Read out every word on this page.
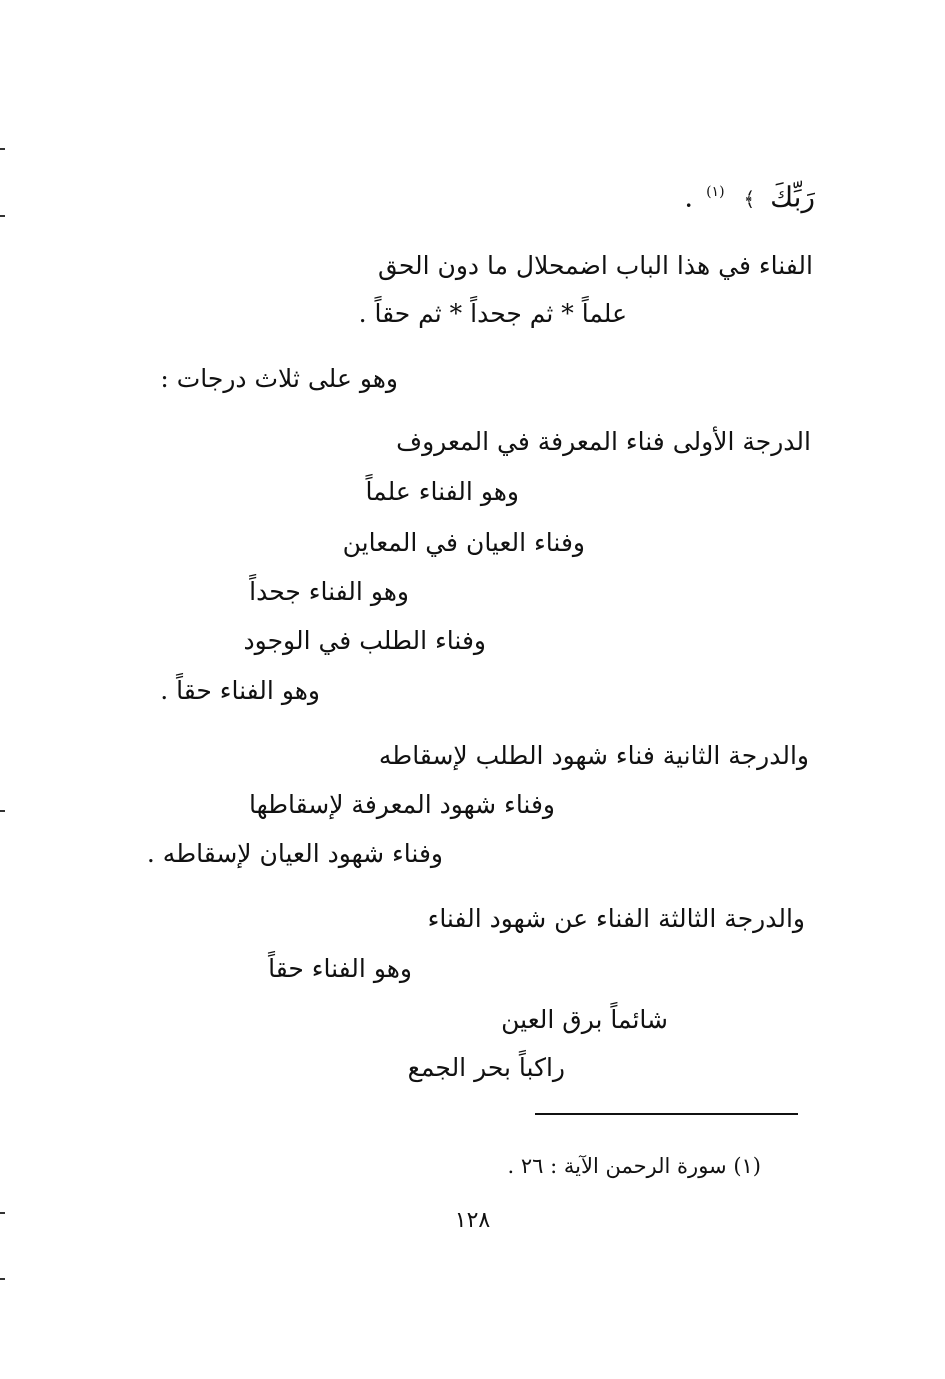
رَبِّكَ ﴾ $^{(١)}$ .
الفناء في هذا الباب اضمحلال ما دون الحق
علماً * ثم جحداً * ثم حقاً .
وهو على ثلاث درجات :
الدرجة الأولى فناء المعرفة في المعروف
وهو الفناء علماً
وفناء العيان في المعاين
وهو الفناء جحداً
وفناء الطلب في الوجود
وهو الفناء حقاً .
والدرجة الثانية فناء شهود الطلب لإسقاطه
وفناء شهود المعرفة لإسقاطها
وفناء شهود العيان لإسقاطه .
والدرجة الثالثة الفناء عن شهود الفناء
وهو الفناء حقاً
شائماً برق العين
راكباً بحر الجمع
(١) سورة الرحمن الآية : ٢٦ .
١٢٨
